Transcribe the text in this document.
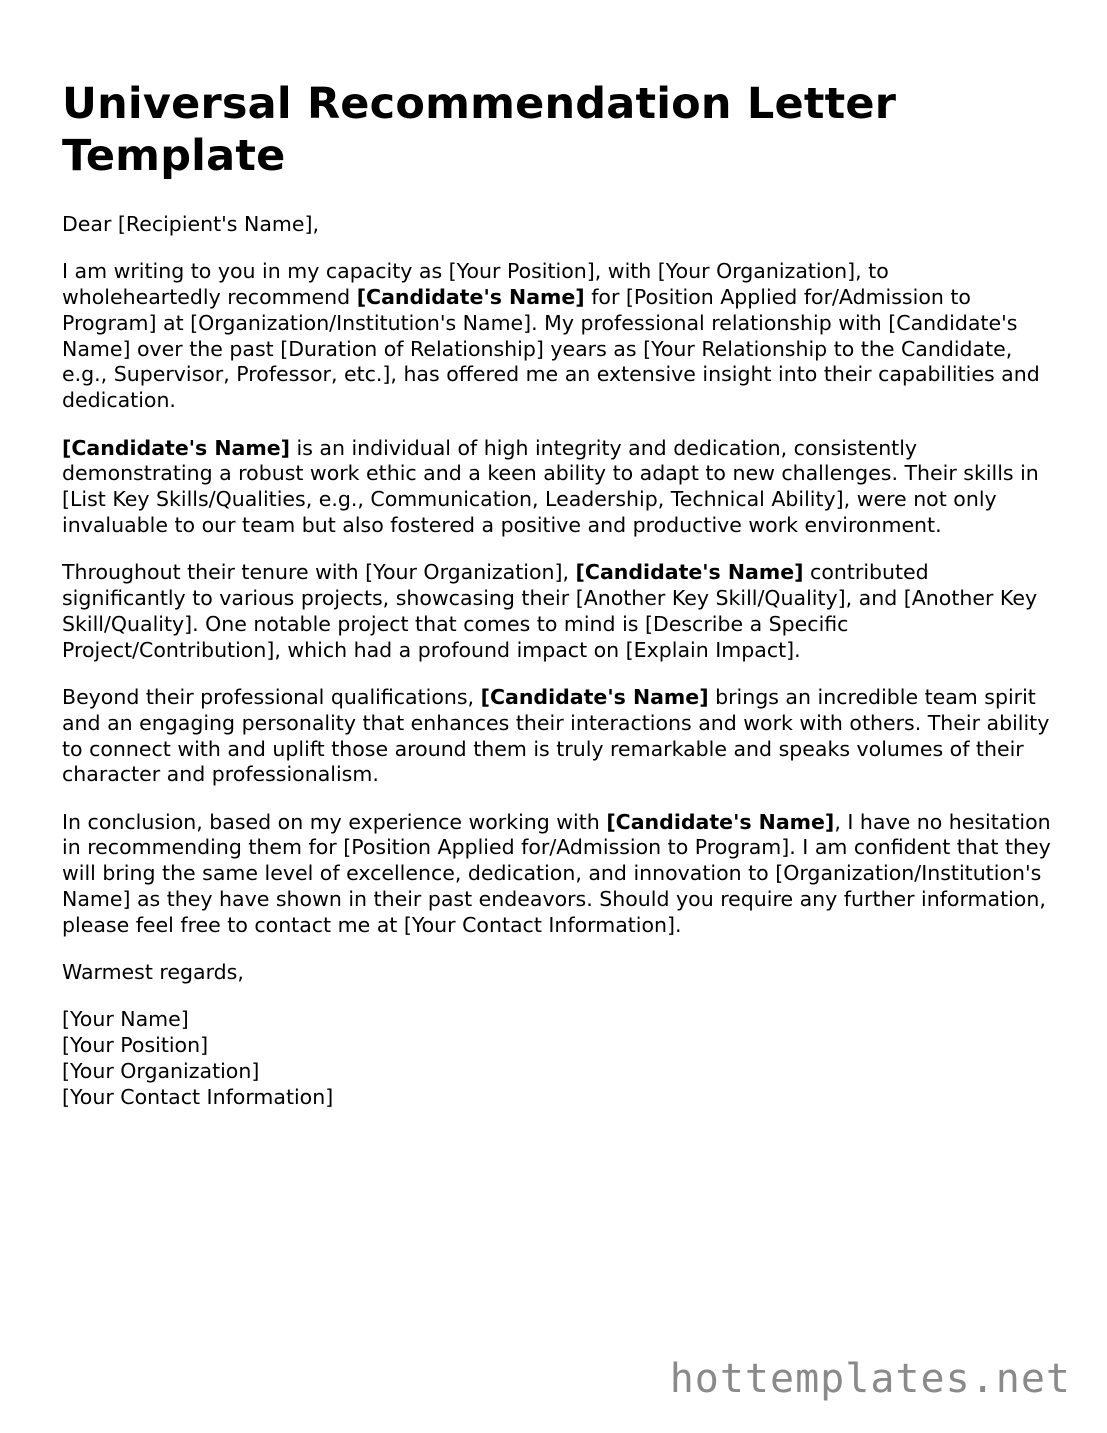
Universal Recommendation Letter Template

Dear [Recipient's Name],

I am writing to you in my capacity as [Your Position], with [Your Organization], to wholeheartedly recommend [Candidate's Name] for [Position Applied for/Admission to Program] at [Organization/Institution's Name]. My professional relationship with [Candidate's Name] over the past [Duration of Relationship] years as [Your Relationship to the Candidate, e.g., Supervisor, Professor, etc.], has offered me an extensive insight into their capabilities and dedication.

[Candidate's Name] is an individual of high integrity and dedication, consistently demonstrating a robust work ethic and a keen ability to adapt to new challenges. Their skills in [List Key Skills/Qualities, e.g., Communication, Leadership, Technical Ability], were not only invaluable to our team but also fostered a positive and productive work environment.

Throughout their tenure with [Your Organization], [Candidate's Name] contributed significantly to various projects, showcasing their [Another Key Skill/Quality], and [Another Key Skill/Quality]. One notable project that comes to mind is [Describe a Specific Project/Contribution], which had a profound impact on [Explain Impact].

Beyond their professional qualifications, [Candidate's Name] brings an incredible team spirit and an engaging personality that enhances their interactions and work with others. Their ability to connect with and uplift those around them is truly remarkable and speaks volumes of their character and professionalism.

In conclusion, based on my experience working with [Candidate's Name], I have no hesitation in recommending them for [Position Applied for/Admission to Program]. I am confident that they will bring the same level of excellence, dedication, and innovation to [Organization/Institution's Name] as they have shown in their past endeavors. Should you require any further information, please feel free to contact me at [Your Contact Information].

Warmest regards,

[Your Name]
[Your Position]
[Your Organization]
[Your Contact Information]
hottemplates.net
